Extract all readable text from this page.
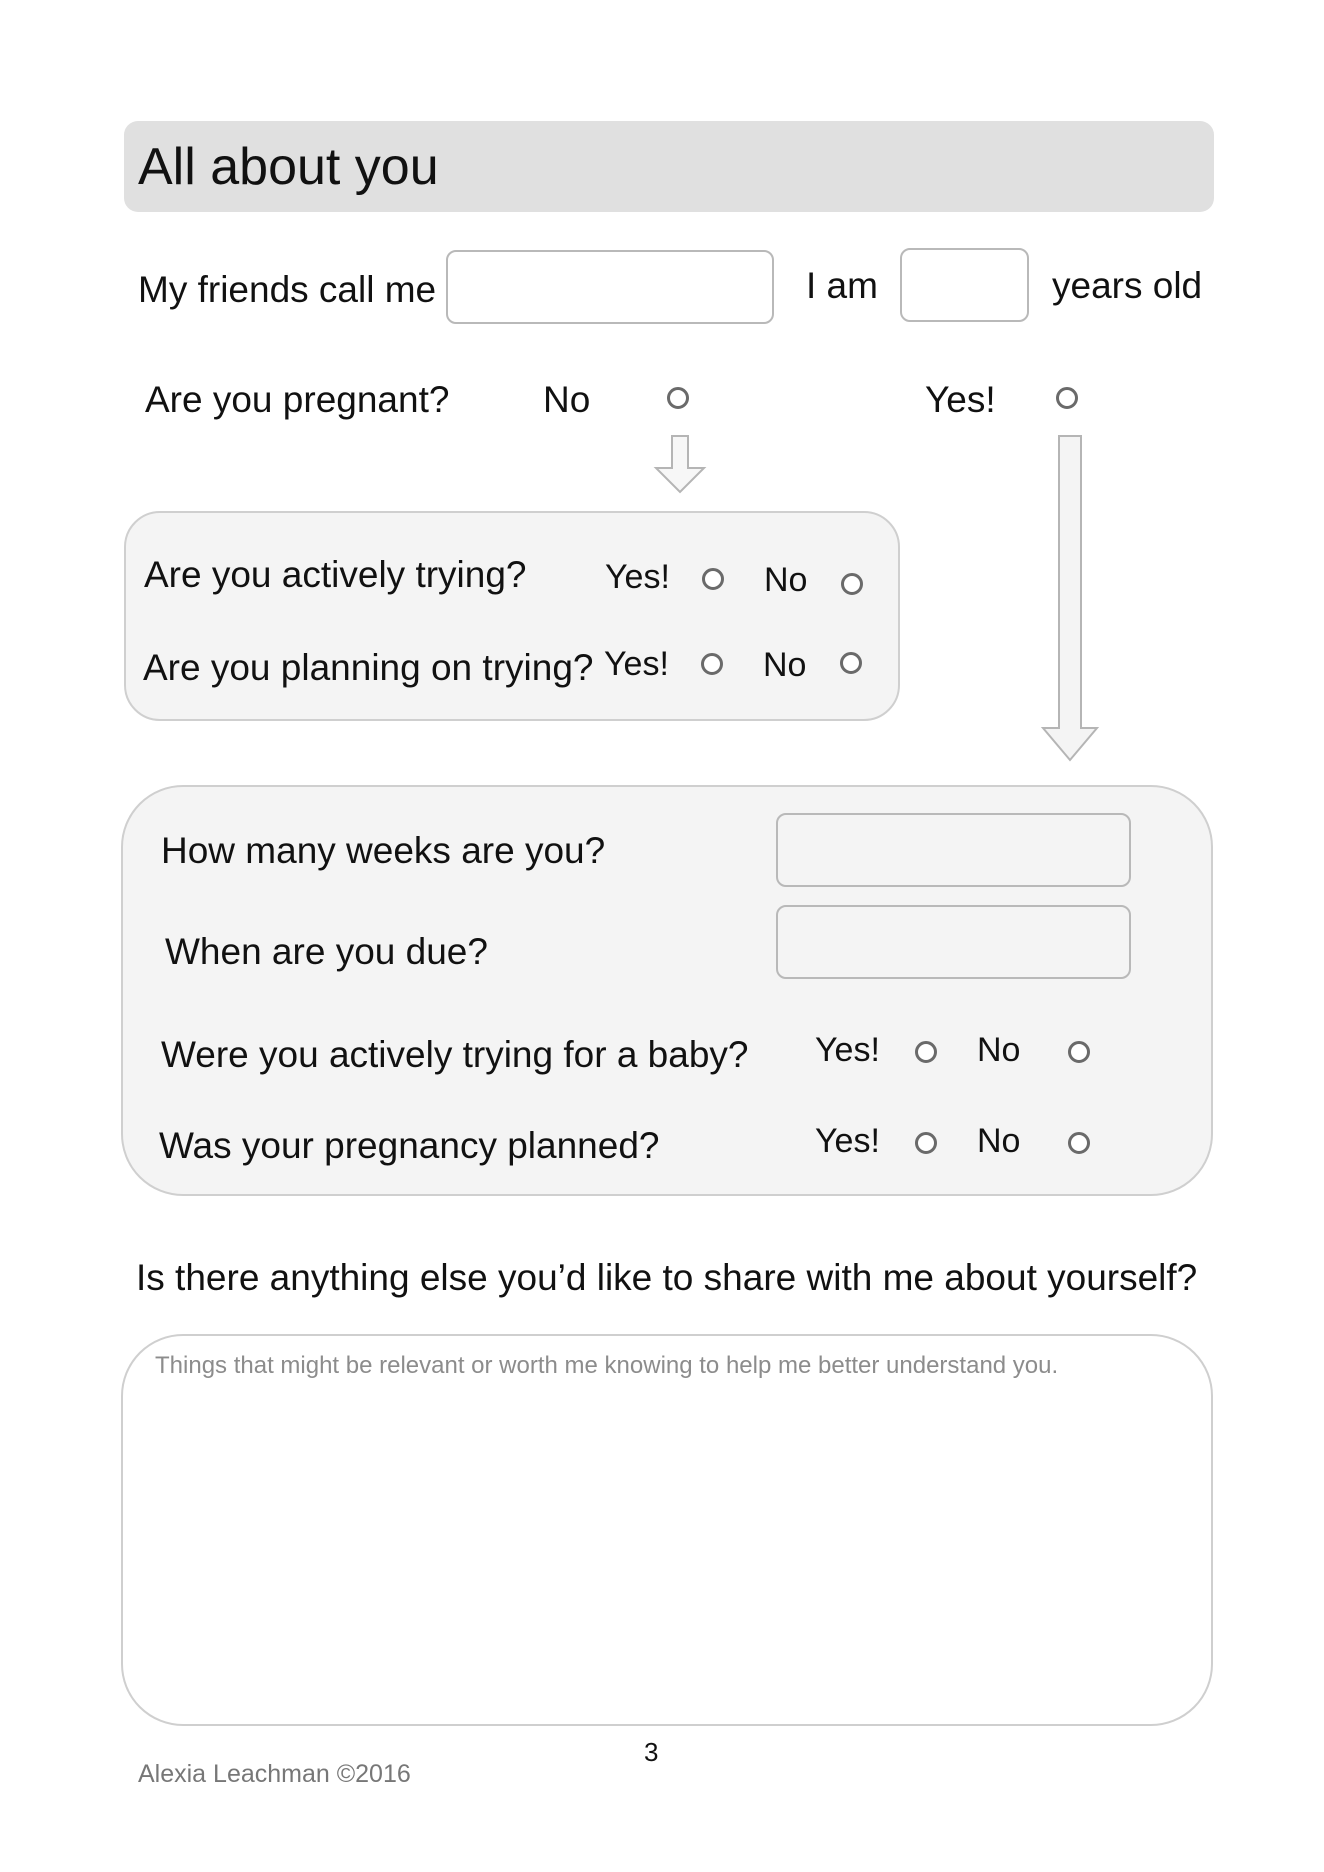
All about you
My friends call me	I am	years old
Are you pregnant?	No	Yes!
Are you actively trying? Yes!	No
Are you planning on trying? Yes!	No
How many weeks are you?
When are you due?
Were you actively trying for a baby? Yes!	No
Was your pregnancy planned?	Yes!	No
Is there anything else you’d like to share with me about yourself?
Things that might be relevant or worth me knowing to help me better understand you.
3
Alexia Leachman ©2016
